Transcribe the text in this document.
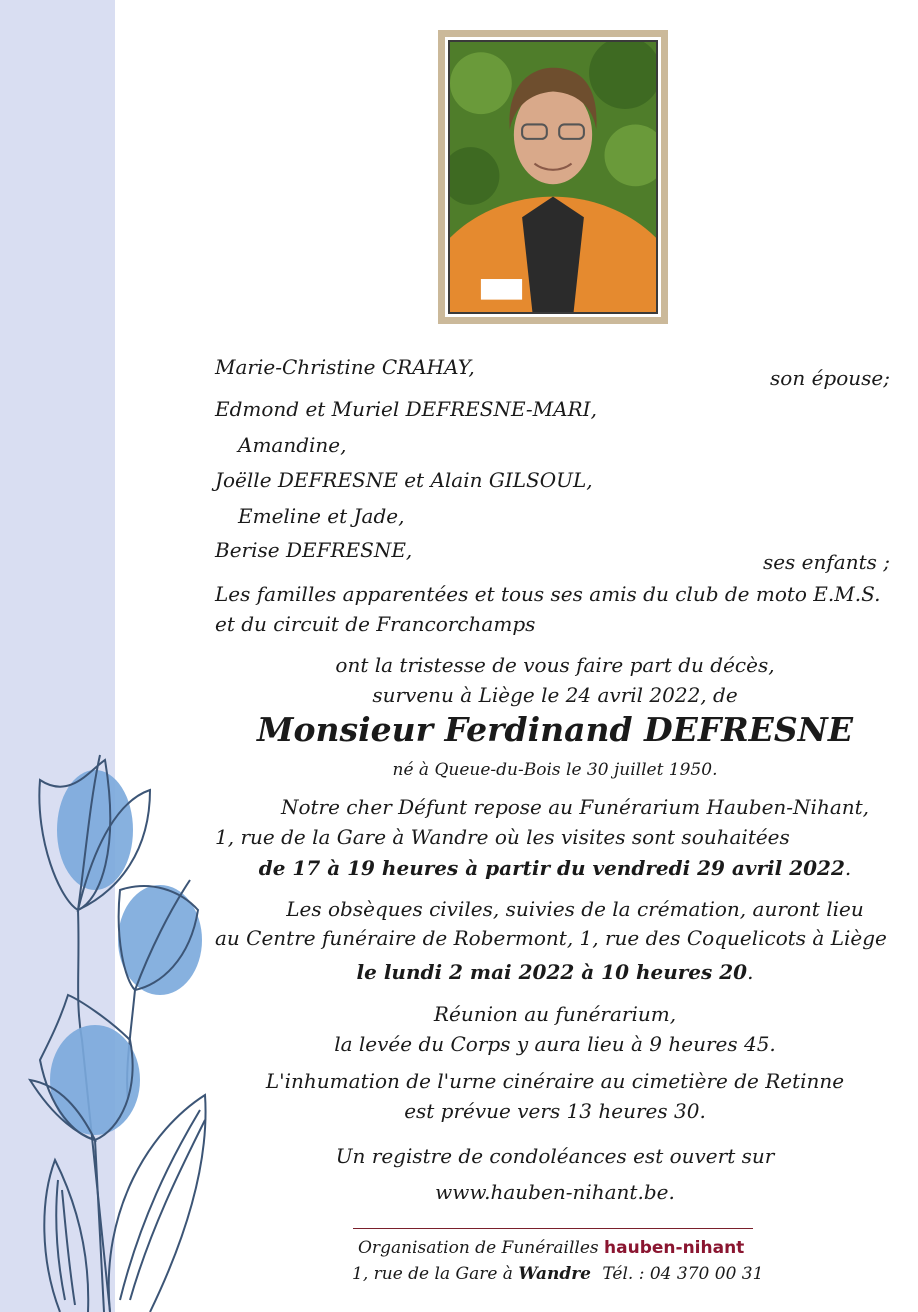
Marie-Christine CRAHAY,	son épouse;
Edmond et Muriel DEFRESNE-MARI,
Amandine,
Joëlle DEFRESNE et Alain GILSOUL,
Emeline et Jade,
Berise DEFRESNE,	ses enfants ;
Les familles apparentées et tous ses amis du club de moto E.M.S.
et du circuit de Francorchamps
ont la tristesse de vous faire part du décès,
survenu à Liège le 24 avril 2022, de
Monsieur Ferdinand DEFRESNE
né à Queue-du-Bois le 30 juillet 1950.
Notre cher Défunt repose au Funérarium Hauben-Nihant,
1, rue de la Gare à Wandre où les visites sont souhaitées
de 17 à 19 heures à partir du vendredi 29 avril 2022.
Les obsèques civiles, suivies de la crémation, auront lieu
au Centre funéraire de Robermont, 1, rue des Coquelicots à Liège
le lundi 2 mai 2022 à 10 heures 20.
Réunion au funérarium,
la levée du Corps y aura lieu à 9 heures 45.
L'inhumation de l'urne cinéraire au cimetière de Retinne
est prévue vers 13 heures 30.
Un registre de condoléances est ouvert sur
www.hauben-nihant.be.
Organisation de Funérailles hauben-nihant
1, rue de la Gare à Wandre Tél. : 04 370 00 31
